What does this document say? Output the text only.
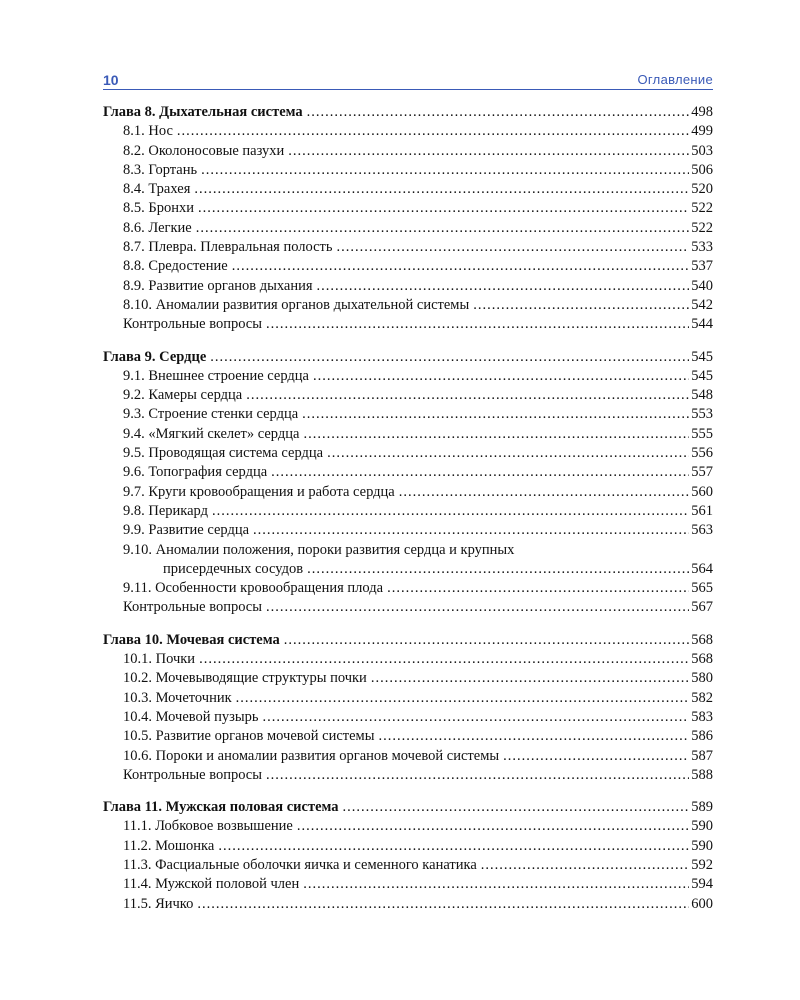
10	Оглавление
Глава 8. Дыхательная система .....	498
8.1. Нос .....	499
8.2. Околоносовые пазухи .....	503
8.3. Гортань .....	506
8.4. Трахея .....	520
8.5. Бронхи .....	522
8.6. Легкие .....	522
8.7. Плевра. Плевральная полость .....	533
8.8. Средостение .....	537
8.9. Развитие органов дыхания .....	540
8.10. Аномалии развития органов дыхательной системы .....	542
Контрольные вопросы .....	544
Глава 9. Сердце .....	545
9.1. Внешнее строение сердца .....	545
9.2. Камеры сердца .....	548
9.3. Строение стенки сердца .....	553
9.4. «Мягкий скелет» сердца .....	555
9.5. Проводящая система сердца .....	556
9.6. Топография сердца .....	557
9.7. Круги кровообращения и работа сердца .....	560
9.8. Перикард .....	561
9.9. Развитие сердца .....	563
9.10. Аномалии положения, пороки развития сердца и крупных
присердечных сосудов .....	564
9.11. Особенности кровообращения плода .....	565
Контрольные вопросы .....	567
Глава 10. Мочевая система .....	568
10.1. Почки .....	568
10.2. Мочевыводящие структуры почки .....	580
10.3. Мочеточник .....	582
10.4. Мочевой пузырь .....	583
10.5. Развитие органов мочевой системы .....	586
10.6. Пороки и аномалии развития органов мочевой системы .....	587
Контрольные вопросы .....	588
Глава 11. Мужская половая система .....	589
11.1. Лобковое возвышение .....	590
11.2. Мошонка .....	590
11.3. Фасциальные оболочки яичка и семенного канатика .....	592
11.4. Мужской половой член .....	594
11.5. Яичко .....	600
